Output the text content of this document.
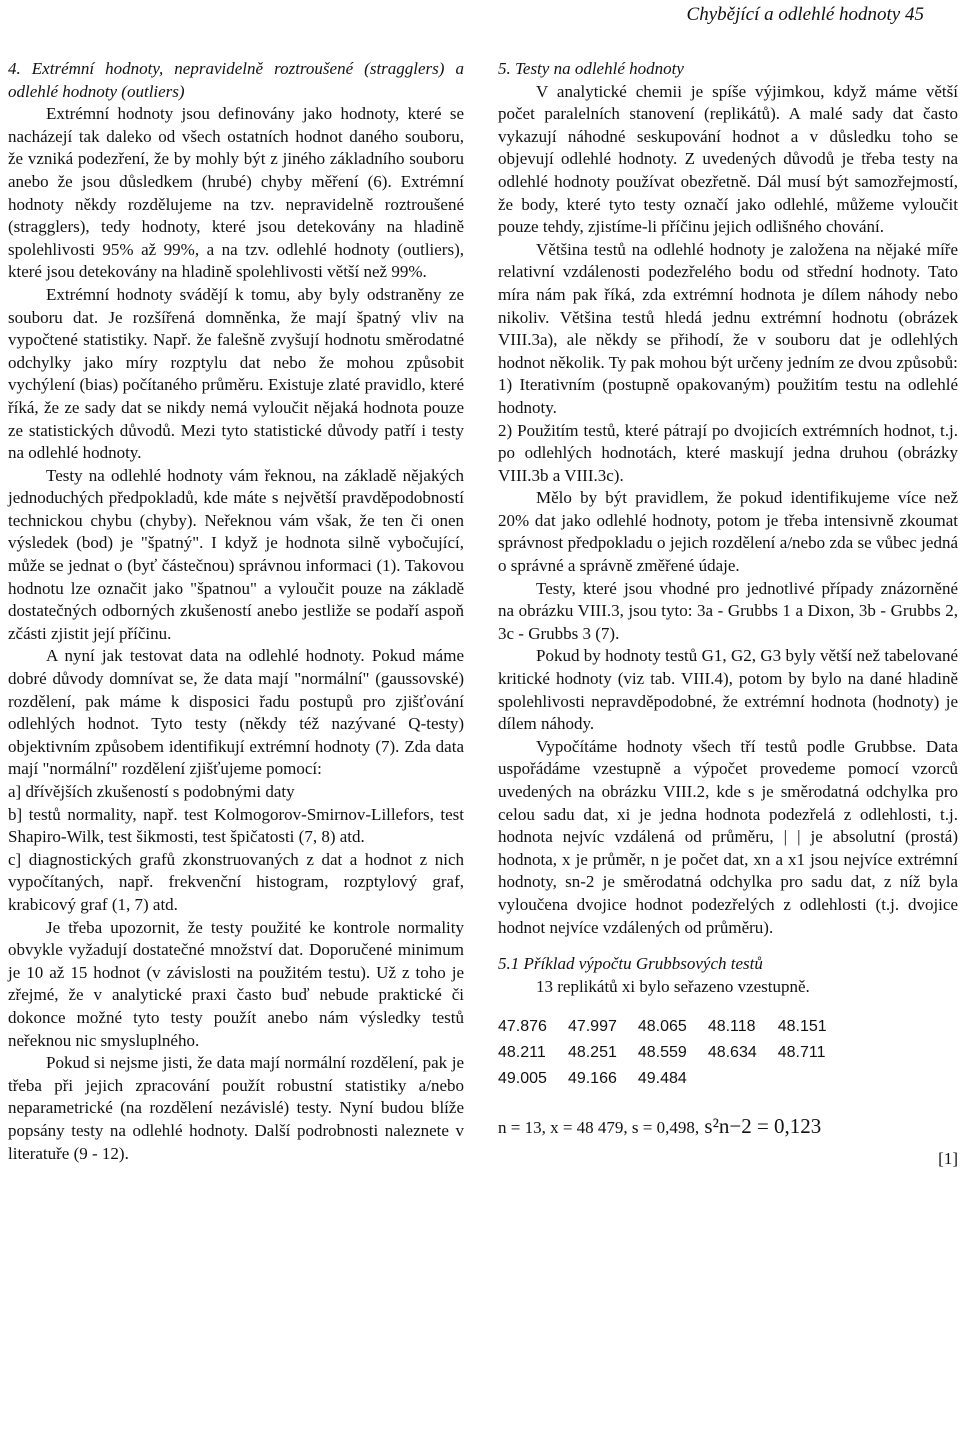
Chybějící a odlehlé hodnoty 45

4. Extrémní hodnoty, nepravidelně roztroušené (stragglers) a odlehlé hodnoty (outliers)

Extrémní hodnoty jsou definovány jako hodnoty, které se nacházejí tak daleko od všech ostatních hodnot daného souboru, že vzniká podezření, že by mohly být z jiného základního souboru anebo že jsou důsledkem (hrubé) chyby měření (6). Extrémní hodnoty někdy rozdělujeme na tzv. nepravidelně roztroušené (stragglers), tedy hodnoty, které jsou detekovány na hladině spolehlivosti 95% až 99%, a na tzv. odlehlé hodnoty (outliers), které jsou detekovány na hladině spolehlivosti větší než 99%.

Extrémní hodnoty svádějí k tomu, aby byly odstraněny ze souboru dat. Je rozšířená domněnka, že mají špatný vliv na vypočtené statistiky. Např. že falešně zvyšují hodnotu směrodatné odchylky jako míry rozptylu dat nebo že mohou způsobit vychýlení (bias) počítaného průměru. Existuje zlaté pravidlo, které říká, že ze sady dat se nikdy nemá vyloučit nějaká hodnota pouze ze statistických důvodů. Mezi tyto statistické důvody patří i testy na odlehlé hodnoty.

Testy na odlehlé hodnoty vám řeknou, na základě nějakých jednoduchých předpokladů, kde máte s největší pravděpodobností technickou chybu (chyby). Neřeknou vám však, že ten či onen výsledek (bod) je "špatný". I když je hodnota silně vybočující, může se jednat o (byť částečnou) správnou informaci (1). Takovou hodnotu lze označit jako "špatnou" a vyloučit pouze na základě dostatečných odborných zkušeností anebo jestliže se podaří aspoň zčásti zjistit její příčinu.

A nyní jak testovat data na odlehlé hodnoty. Pokud máme dobré důvody domnívat se, že data mají "normální" (gaussovské) rozdělení, pak máme k disposici řadu postupů pro zjišťování odlehlých hodnot. Tyto testy (někdy též nazývané Q-testy) objektivním způsobem identifikují extrémní hodnoty (7). Zda data mají "normální" rozdělení zjišťujeme pomocí:

a] dřívějších zkušeností s podobnými daty

b] testů normality, např. test Kolmogorov-Smirnov-Lillefors, test Shapiro-Wilk, test šikmosti, test špičatosti (7, 8) atd.

c] diagnostických grafů zkonstruovaných z dat a hodnot z nich vypočítaných, např. frekvenční histogram, rozptylový graf, krabicový graf (1, 7) atd.

Je třeba upozornit, že testy použité ke kontrole normality obvykle vyžadují dostatečné množství dat. Doporučené minimum je 10 až 15 hodnot (v závislosti na použitém testu). Už z toho je zřejmé, že v analytické praxi často buď nebude praktické či dokonce možné tyto testy použít anebo nám výsledky testů neřeknou nic smysluplného.

Pokud si nejsme jisti, že data mají normální rozdělení, pak je třeba při jejich zpracování použít robustní statistiky a/nebo neparametrické (na rozdělení nezávislé) testy. Nyní budou blíže popsány testy na odlehlé hodnoty. Další podrobnosti naleznete v literatuře (9 - 12).

5. Testy na odlehlé hodnoty

V analytické chemii je spíše výjimkou, když máme větší počet paralelních stanovení (replikátů). A malé sady dat často vykazují náhodné seskupování hodnot a v důsledku toho se objevují odlehlé hodnoty. Z uvedených důvodů je třeba testy na odlehlé hodnoty používat obezřetně. Dál musí být samozřejmostí, že body, které tyto testy označí jako odlehlé, můžeme vyloučit pouze tehdy, zjistíme-li příčinu jejich odlišného chování.

Většina testů na odlehlé hodnoty je založena na nějaké míře relativní vzdálenosti podezřelého bodu od střední hodnoty. Tato míra nám pak říká, zda extrémní hodnota je dílem náhody nebo nikoliv. Většina testů hledá jednu extrémní hodnotu (obrázek VIII.3a), ale někdy se přihodí, že v souboru dat je odlehlých hodnot několik. Ty pak mohou být určeny jedním ze dvou způsobů:

1) Iterativním (postupně opakovaným) použitím testu na odlehlé hodnoty.

2) Použitím testů, které pátrají po dvojicích extrémních hodnot, t.j. po odlehlých hodnotách, které maskují jedna druhou (obrázky VIII.3b a VIII.3c).

Mělo by být pravidlem, že pokud identifikujeme více než 20% dat jako odlehlé hodnoty, potom je třeba intensivně zkoumat správnost předpokladu o jejich rozdělení a/nebo zda se vůbec jedná o správné a správně změřené údaje.

Testy, které jsou vhodné pro jednotlivé případy znázorněné na obrázku VIII.3, jsou tyto: 3a - Grubbs 1 a Dixon, 3b - Grubbs 2, 3c - Grubbs 3 (7).

Pokud by hodnoty testů G1, G2, G3 byly větší než tabelované kritické hodnoty (viz tab. VIII.4), potom by bylo na dané hladině spolehlivosti nepravděpodobné, že extrémní hodnota (hodnoty) je dílem náhody.

Vypočítáme hodnoty všech tří testů podle Grubbse. Data uspořádáme vzestupně a výpočet provedeme pomocí vzorců uvedených na obrázku VIII.2, kde s je směrodatná odchylka pro celou sadu dat, xi je jedna hodnota podezřelá z odlehlosti, t.j. hodnota nejvíc vzdálená od průměru, | | je absolutní (prostá) hodnota, x je průměr, n je počet dat, xn a x1 jsou nejvíce extrémní hodnoty, sn-2 je směrodatná odchylka pro sadu dat, z níž byla vyloučena dvojice hodnot podezřelých z odlehlosti (t.j. dvojice hodnot nejvíce vzdálených od průměru).

5.1 Příklad výpočtu Grubbsových testů

13 replikátů xi bylo seřazeno vzestupně.

47.876	47.997	48.065	48.118	48.151
48.211	48.251	48.559	48.634	48.711
49.005	49.166	49.484		
n = 13, x = 48 479, s = 0,498, s²n−2 = 0,123
[1]
